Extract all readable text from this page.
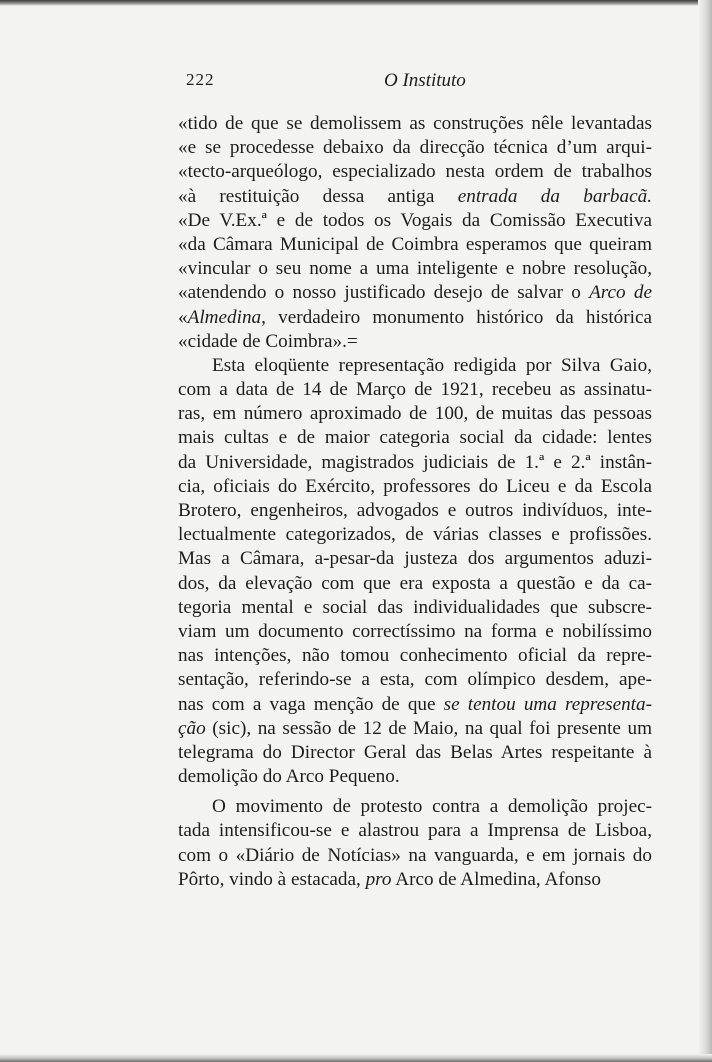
222	O Instituto
«tido de que se demolissem as construções nêle levantadas
«e se procedesse debaixo da direcção técnica d’um arqui-
«tecto-arqueólogo, especializado nesta ordem de trabalhos
«à restituição dessa antiga entrada da barbacã.
«De V.Ex.ª e de todos os Vogais da Comissão Executiva
«da Câmara Municipal de Coimbra esperamos que queiram
«vincular o seu nome a uma inteligente e nobre resolução,
«atendendo o nosso justificado desejo de salvar o Arco de
«Almedina, verdadeiro monumento histórico da histórica
«cidade de Coimbra».=
Esta eloqüente representação redigida por Silva Gaio,
com a data de 14 de Março de 1921, recebeu as assinatu-
ras, em número aproximado de 100, de muitas das pessoas
mais cultas e de maior categoria social da cidade: lentes
da Universidade, magistrados judiciais de 1.ª e 2.ª instân-
cia, oficiais do Exército, professores do Liceu e da Escola
Brotero, engenheiros, advogados e outros indivíduos, inte-
lectualmente categorizados, de várias classes e profissões.
Mas a Câmara, a-pesar-da justeza dos argumentos aduzi-
dos, da elevação com que era exposta a questão e da ca-
tegoria mental e social das individualidades que subscre-
viam um documento correctíssimo na forma e nobilíssimo
nas intenções, não tomou conhecimento oficial da repre-
sentação, referindo-se a esta, com olímpico desdem, ape-
nas com a vaga menção de que se tentou uma representa-
ção (sic), na sessão de 12 de Maio, na qual foi presente um
telegrama do Director Geral das Belas Artes respeitante à
demolição do Arco Pequeno.
O movimento de protesto contra a demolição projec-
tada intensificou-se e alastrou para a Imprensa de Lisboa,
com o «Diário de Notícias» na vanguarda, e em jornais do
Pôrto, vindo à estacada, pro Arco de Almedina, Afonso
